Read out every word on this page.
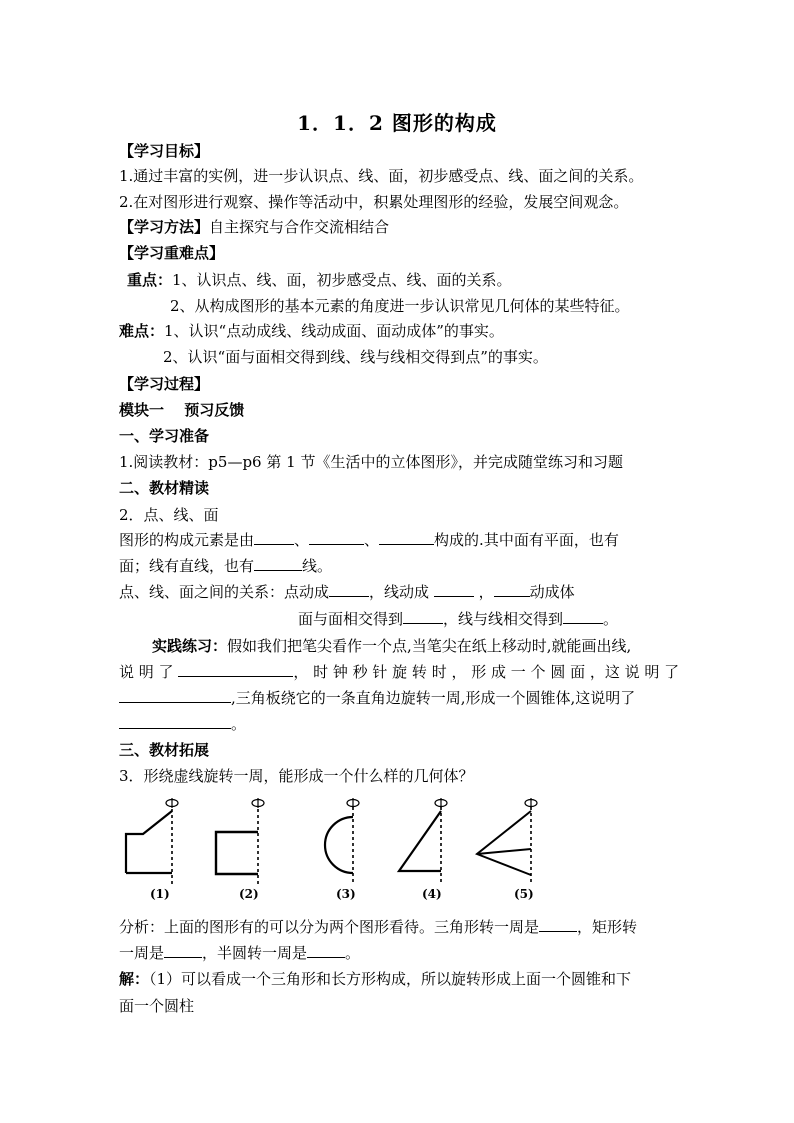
1．1．2 图形的构成
【学习目标】
1.通过丰富的实例，进一步认识点、线、面，初步感受点、线、面之间的关系。
2.在对图形进行观察、操作等活动中，积累处理图形的经验，发展空间观念。
【学习方法】自主探究与合作交流相结合
【学习重难点】
重点：1、认识点、线、面，初步感受点、线、面的关系。
2、从构成图形的基本元素的角度进一步认识常见几何体的某些特征。
难点：1、认识“点动成线、线动成面、面动成体”的事实。
2、认识“面与面相交得到线、线与线相交得到点”的事实。
【学习过程】
模块一　 预习反馈
一、学习准备
1.阅读教材：p5—p6 第 1 节《生活中的立体图形》，并完成随堂练习和习题
二、教材精读
2．点、线、面
图形的构成元素是由	、	、	构成的.其中面有平面，也有
面；线有直线，也有	线。
点、线、面之间的关系：点动成	，线动成	， 动成体
面与面相交得到	，线与线相交得到	。
实践练习：假如我们把笔尖看作一个点,当笔尖在纸上移动时,就能画出线,
说 明 了	， 时 钟 秒 针 旋 转 时 ， 形 成 一 个 圆 面 ，这 说 明 了
,三角板绕它的一条直角边旋转一周,形成一个圆锥体,这说明了
。
三、教材拓展
3．形绕虚线旋转一周，能形成一个什么样的几何体？
(1)	(2)	(3)	(4)	(5)
分析：上面的图形有的可以分为两个图形看待。三角形转一周是	，矩形转
一周是	，半圆转一周是	。
解：（1）可以看成一个三角形和长方形构成，所以旋转形成上面一个圆锥和下
面一个圆柱
